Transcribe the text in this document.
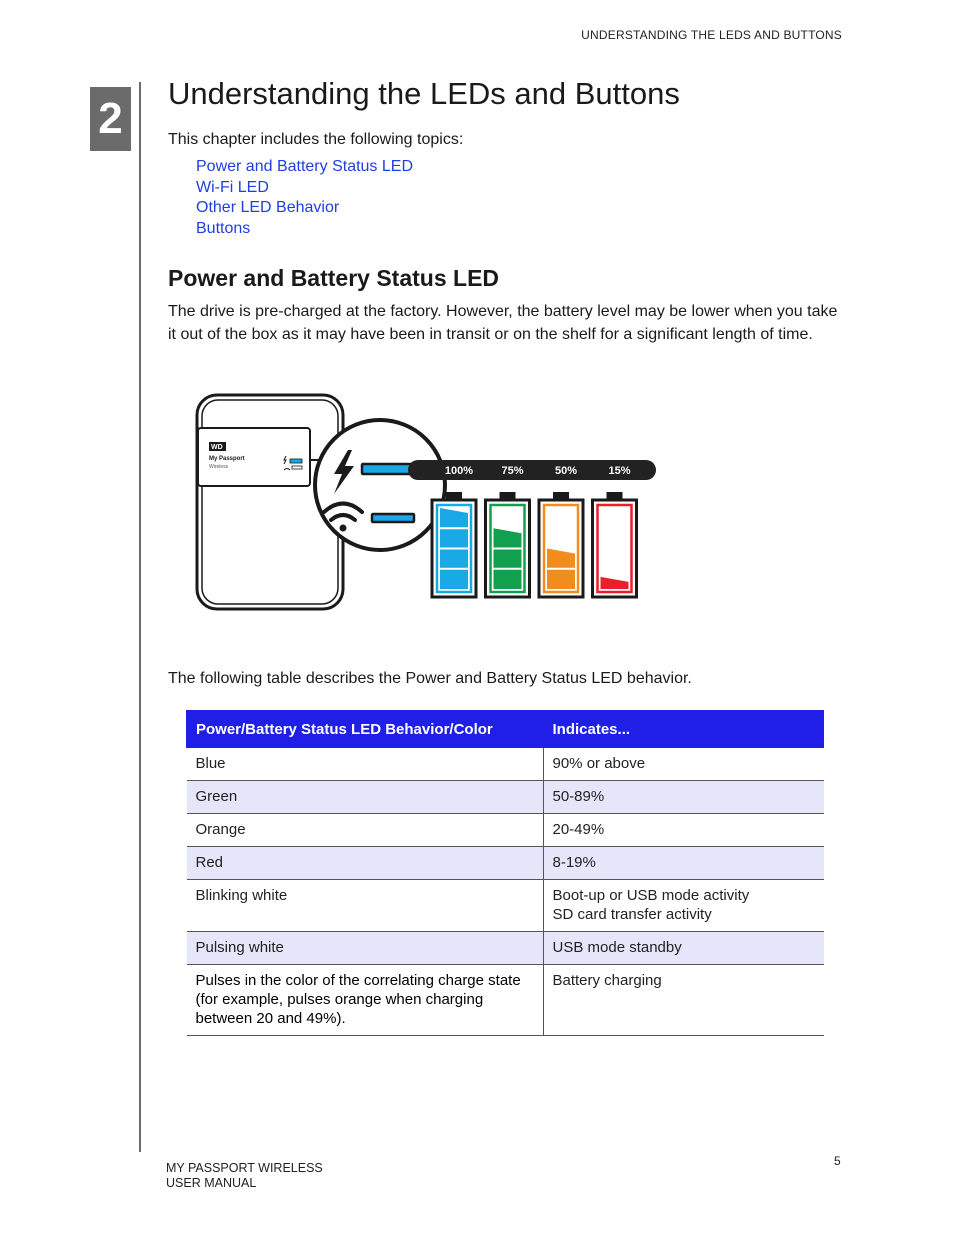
UNDERSTANDING THE LEDS AND BUTTONS
2
Understanding the LEDs and Buttons

This chapter includes the following topics:

Power and Battery Status LED
Wi-Fi LED
Other LED Behavior
Buttons
Power and Battery Status LED

The drive is pre-charged at the factory. However, the battery level may be lower when you take it out of the box as it may have been in transit or on the shelf for a significant length of time.

WD
My Passport
Wireless	100%	75%	50%	15%
The following table describes the Power and Battery Status LED behavior.
Power/Battery Status LED Behavior/Color	Indicates...
Blue	90% or above
Green	50-89%
Orange	20-49%
Red	8-19%
Blinking white	Boot-up or USB mode activity
SD card transfer activity

Pulsing white	USB mode standby
Pulses in the color of the correlating charge state (for example, pulses orange when charging between 20 and 49%).	Battery charging
MY PASSPORT WIRELESS
USER MANUAL
5
